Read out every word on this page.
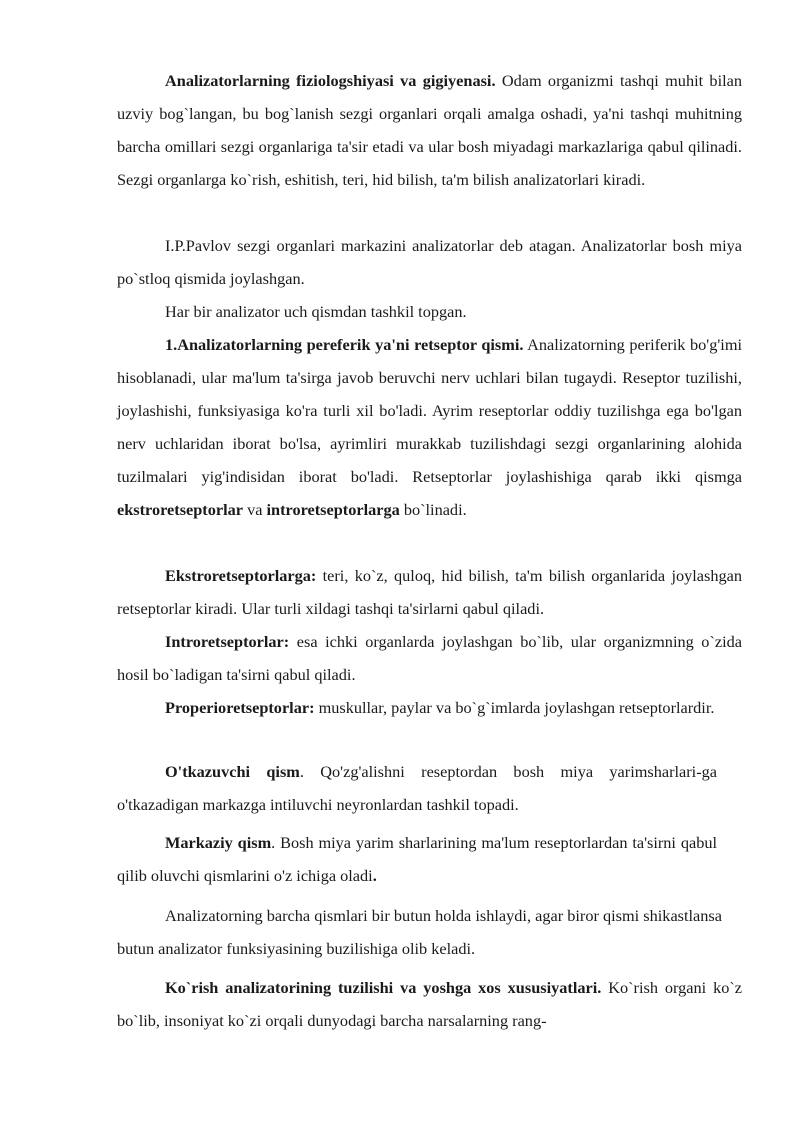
Analizatorlarning fiziologshiyasi va gigiyenasi. Odam organizmi tashqi muhit bilan uzviy bog`langan, bu bog`lanish sezgi organlari orqali amalga oshadi, ya'ni tashqi muhitning barcha omillari sezgi organlariga ta'sir etadi va ular bosh miyadagi markazlariga qabul qilinadi. Sezgi organlarga ko`rish, eshitish, teri, hid bilish, ta'm bilish analizatorlari kiradi.

I.P.Pavlov sezgi organlari markazini analizatorlar deb atagan. Analizatorlar bosh miya po`stloq qismida joylashgan.

Har bir analizator uch qismdan tashkil topgan.

1.Analizatorlarning pereferik ya'ni retseptor qismi. Analizatorning periferik bo'g'imi hisoblanadi, ular ma'lum ta'sirga javob beruvchi nerv uchlari bilan tugaydi. Reseptor tuzilishi, joylashishi, funksiyasiga ko'ra turli xil bo'ladi. Ayrim reseptorlar oddiy tuzilishga ega bo'lgan nerv uchlaridan iborat bo'lsa, ayrimliri murakkab tuzilishdagi sezgi organlarining alohida tuzilmalari yig'indisidan iborat bo'ladi. Retseptorlar joylashishiga qarab ikki qismga ekstroretseptorlar va introretseptorlarga bo`linadi.

Ekstroretseptorlarga: teri, ko`z, quloq, hid bilish, ta'm bilish organlarida joylashgan retseptorlar kiradi. Ular turli xildagi tashqi ta'sirlarni qabul qiladi.

Introretseptorlar: esa ichki organlarda joylashgan bo`lib, ular organizmning o`zida hosil bo`ladigan ta'sirni qabul qiladi.

Properioretseptorlar: muskullar, paylar va bo`g`imlarda joylashgan retseptorlardir.

O'tkazuvchi qism. Qo'zg'alishni reseptordan bosh miya yarimsharlari-ga o'tkazadigan markazga intiluvchi neyronlardan tashkil topadi.

Markaziy qism. Bosh miya yarim sharlarining ma'lum reseptorlardan ta'sirni qabul qilib oluvchi qismlarini o'z ichiga oladi.

Analizatorning barcha qismlari bir butun holda ishlaydi, agar biror qismi shikastlansa butun analizator funksiyasining buzilishiga olib keladi.

Ko`rish analizatorining tuzilishi va yoshga xos xususiyatlari. Ko`rish organi ko`z bo`lib, insoniyat ko`zi orqali dunyodagi barcha narsalarning rang-
